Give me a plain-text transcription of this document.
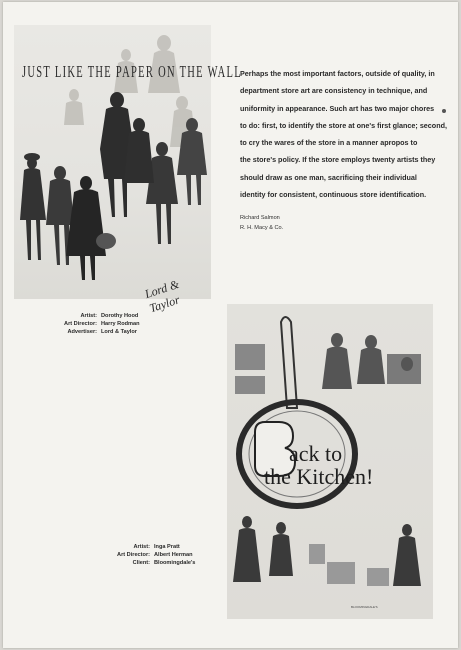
JUST LIKE THE PAPER ON THE WALL
Lord & Taylor

Perhaps the most important factors, outside of quality, in

department store art are consistency in technique, and

uniformity in appearance. Such art has two major chores

to do: first, to identify the store at one's first glance; second,

to cry the wares of the store in a manner apropos to

the store's policy. If the store employs twenty artists they

should draw as one man, sacrificing their individual

identity for consistent, continuous store identification.

Richard Salmon
R. H. Macy & Co.
Artist: Dorothy Hood
Art Director: Harry Rodman
Advertiser: Lord & Taylor
ack to
the Kitchen!
BLOOMINGDALE'S
Artist: Inga Pratt
Art Director: Albert Herman
Client: Bloomingdale's
